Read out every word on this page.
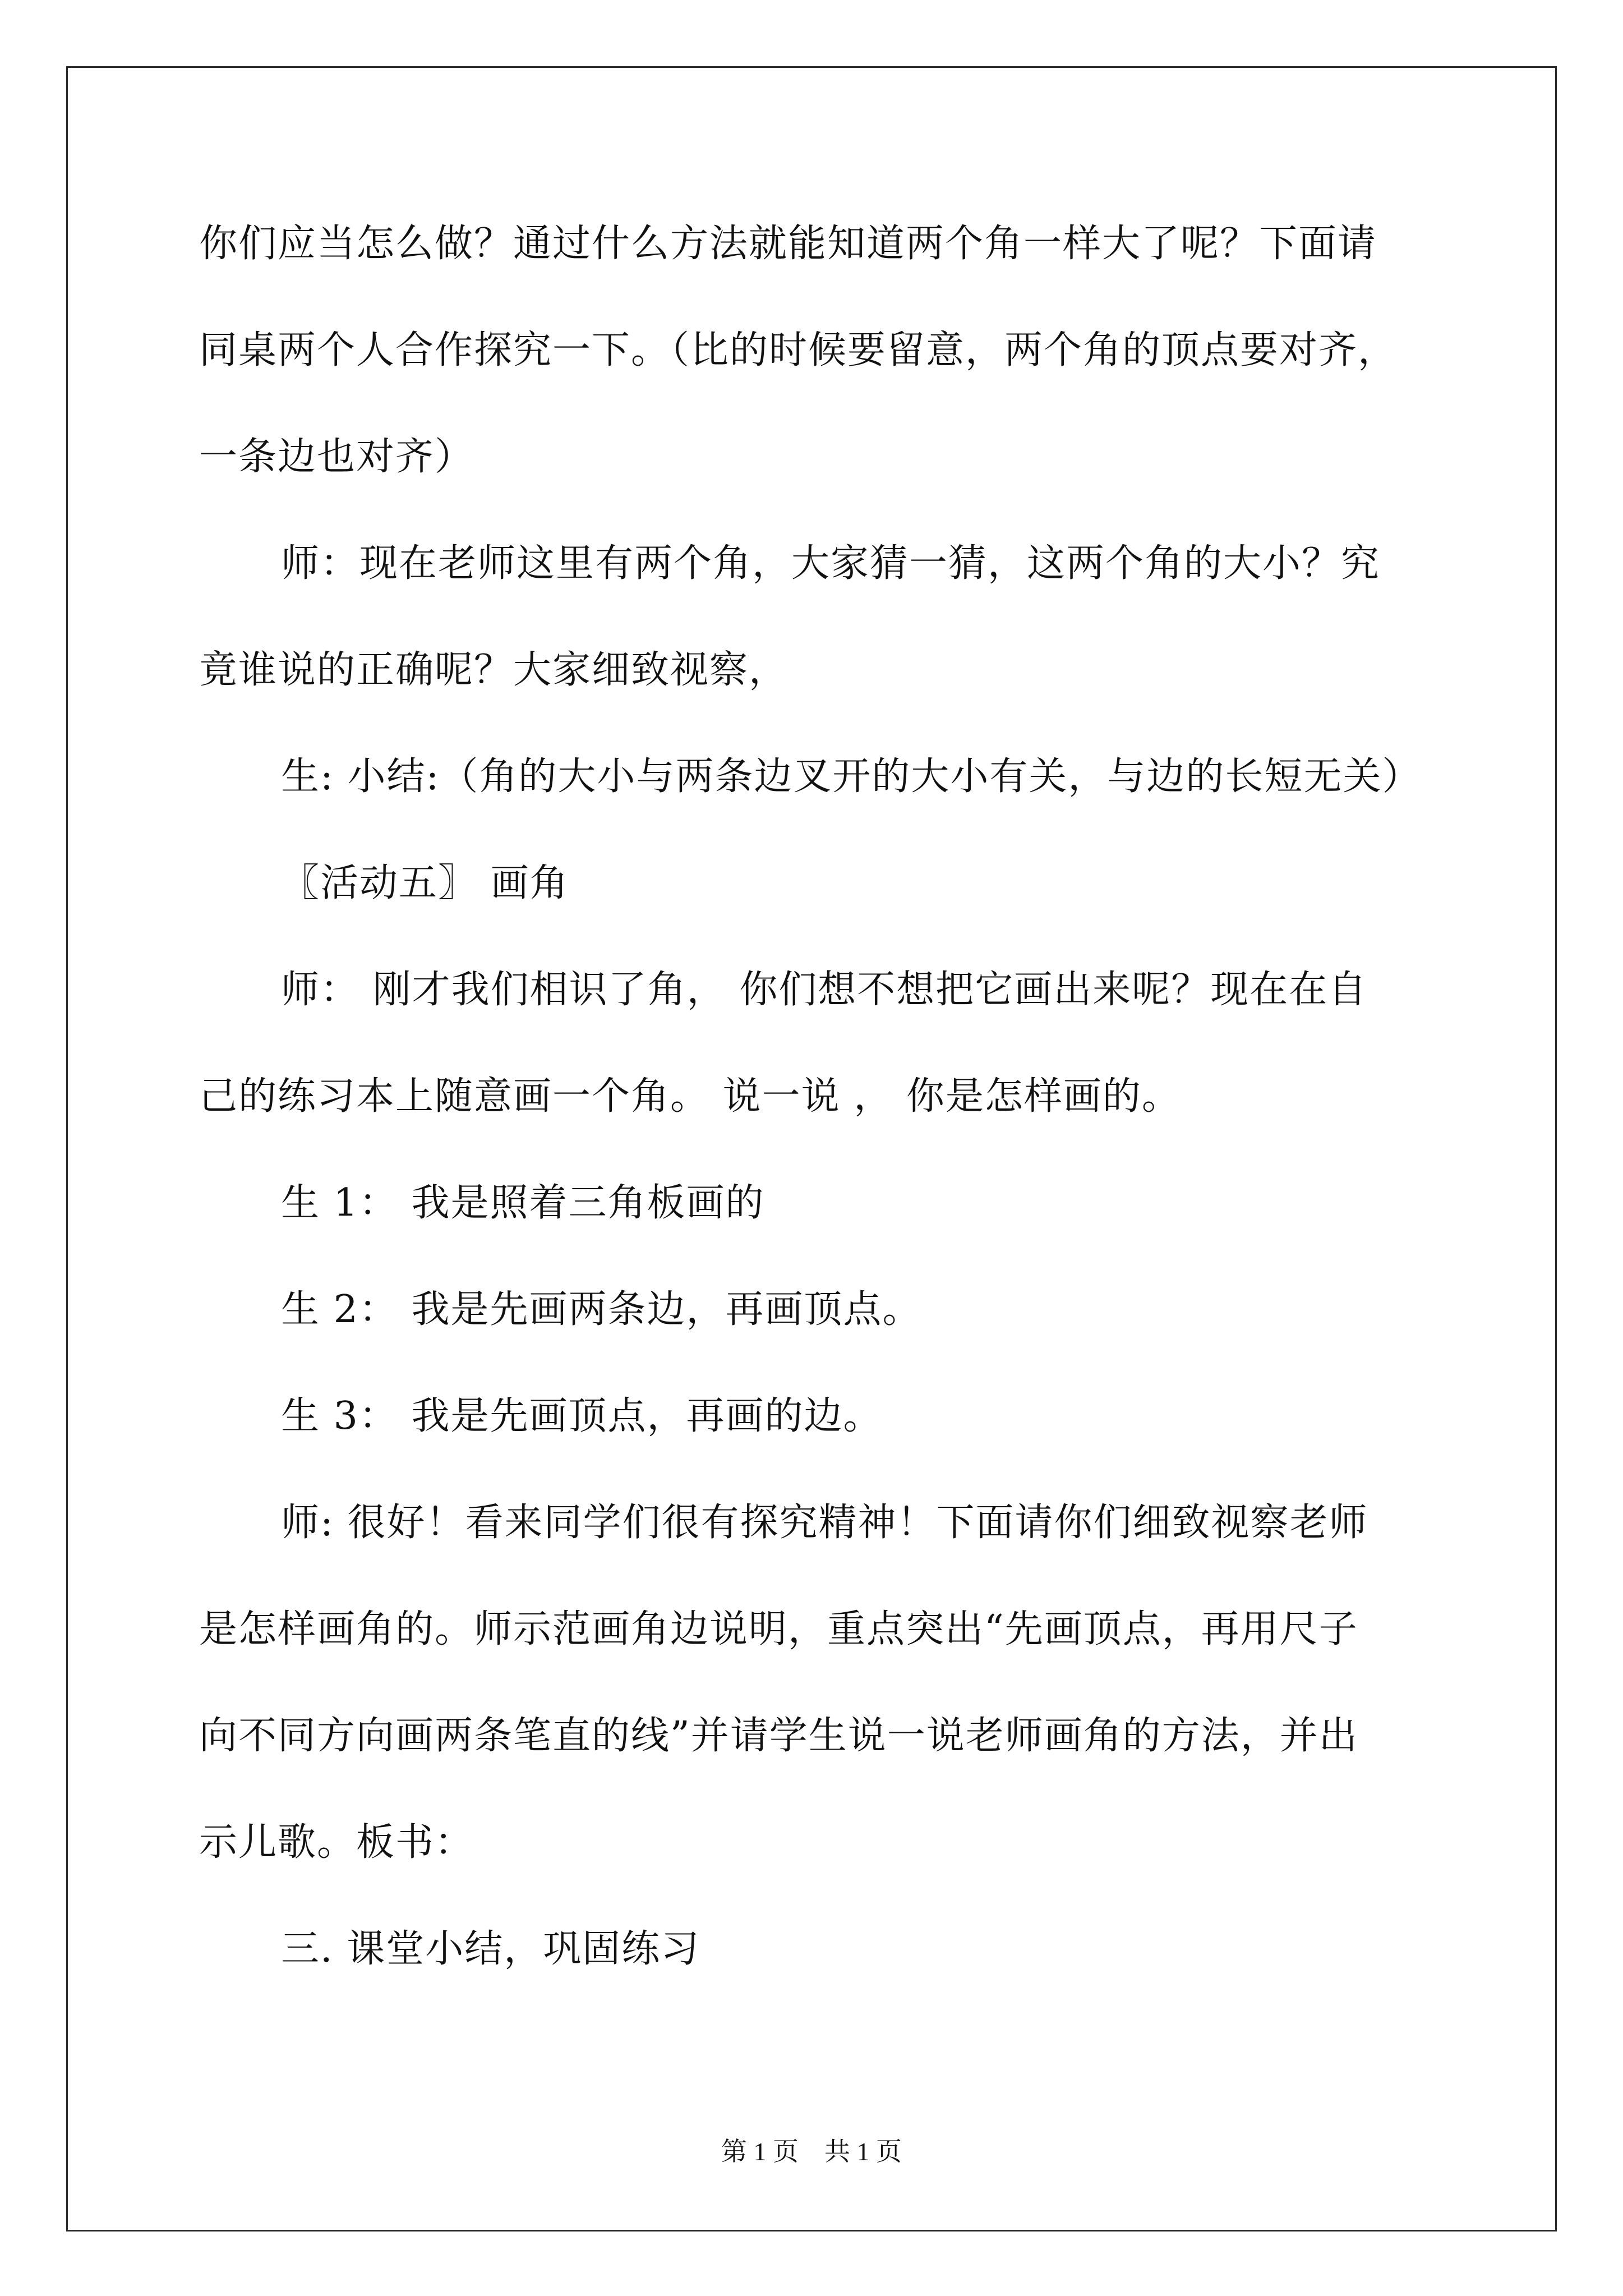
你们应当怎么做？通过什么方法就能知道两个角一样大了呢？下面请
同桌两个人合作探究一下。（比的时候要留意，两个角的顶点要对齐，
一条边也对齐）
师：现在老师这里有两个角，大家猜一猜，这两个角的大小？究
竟谁说的正确呢？大家细致视察，
生: 小结:（角的大小与两条边叉开的大小有关，与边的长短无关）
〖活动五〗 画角
师： 刚才我们相识了角， 你们想不想把它画出来呢？现在在自
己的练习本上随意画一个角。 说一说 ， 你是怎样画的。
生 1： 我是照着三角板画的
生 2： 我是先画两条边，再画顶点。
生 3： 我是先画顶点，再画的边。
师: 很好！看来同学们很有探究精神！下面请你们细致视察老师
是怎样画角的。师示范画角边说明，重点突出“先画顶点，再用尺子
向不同方向画两条笔直的线”并请学生说一说老师画角的方法，并出
示儿歌。板书：
三. 课堂小结，巩固练习
第 1 页　共 1 页
